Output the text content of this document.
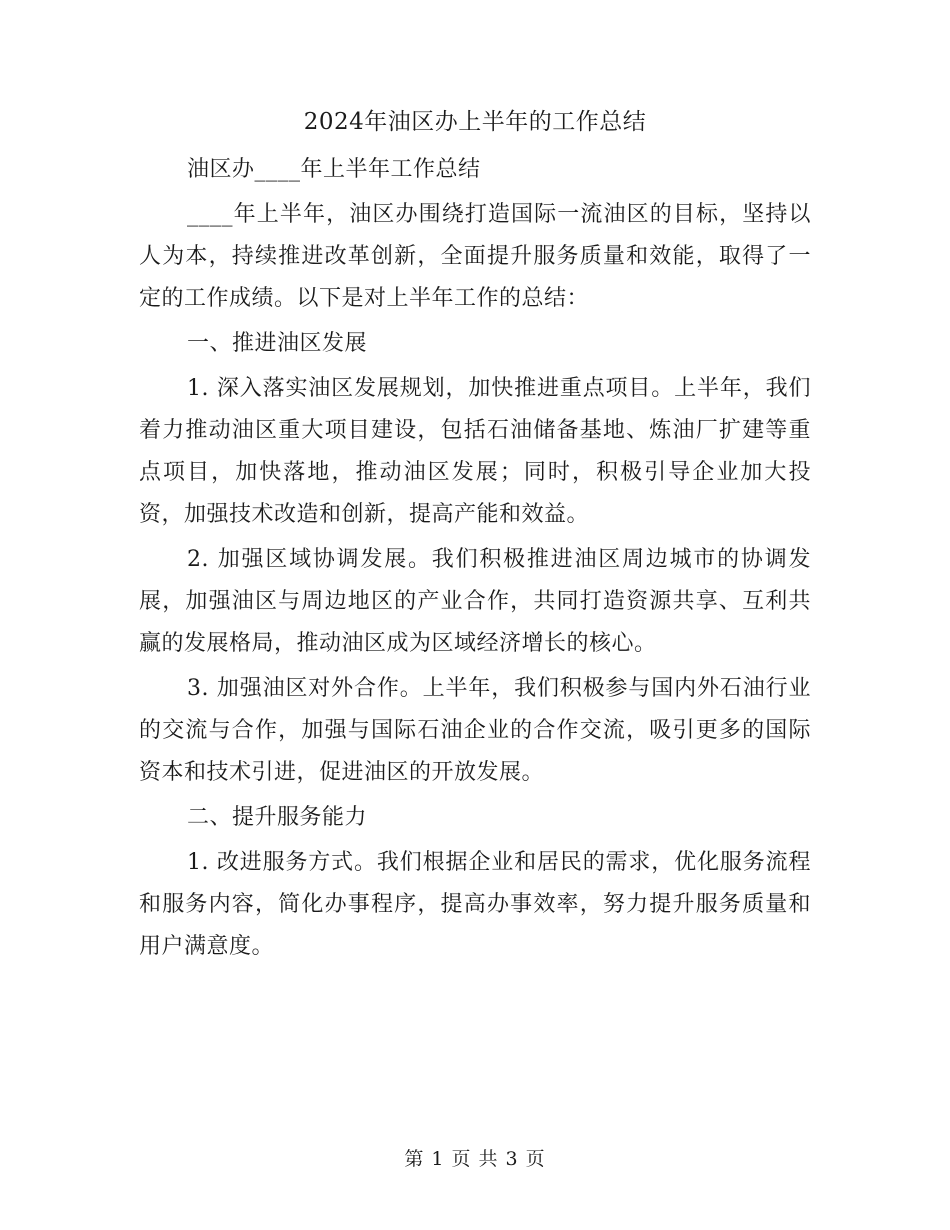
2024年油区办上半年的工作总结

油区办____年上半年工作总结

____年上半年，油区办围绕打造国际一流油区的目标，坚持以人为本，持续推进改革创新，全面提升服务质量和效能，取得了一定的工作成绩。以下是对上半年工作的总结：

一、推进油区发展

1. 深入落实油区发展规划，加快推进重点项目。上半年，我们着力推动油区重大项目建设，包括石油储备基地、炼油厂扩建等重点项目，加快落地，推动油区发展；同时，积极引导企业加大投资，加强技术改造和创新，提高产能和效益。

2. 加强区域协调发展。我们积极推进油区周边城市的协调发展，加强油区与周边地区的产业合作，共同打造资源共享、互利共赢的发展格局，推动油区成为区域经济增长的核心。

3. 加强油区对外合作。上半年，我们积极参与国内外石油行业的交流与合作，加强与国际石油企业的合作交流，吸引更多的国际资本和技术引进，促进油区的开放发展。

二、提升服务能力

1. 改进服务方式。我们根据企业和居民的需求，优化服务流程和服务内容，简化办事程序，提高办事效率，努力提升服务质量和用户满意度。

第 1 页 共 3 页
